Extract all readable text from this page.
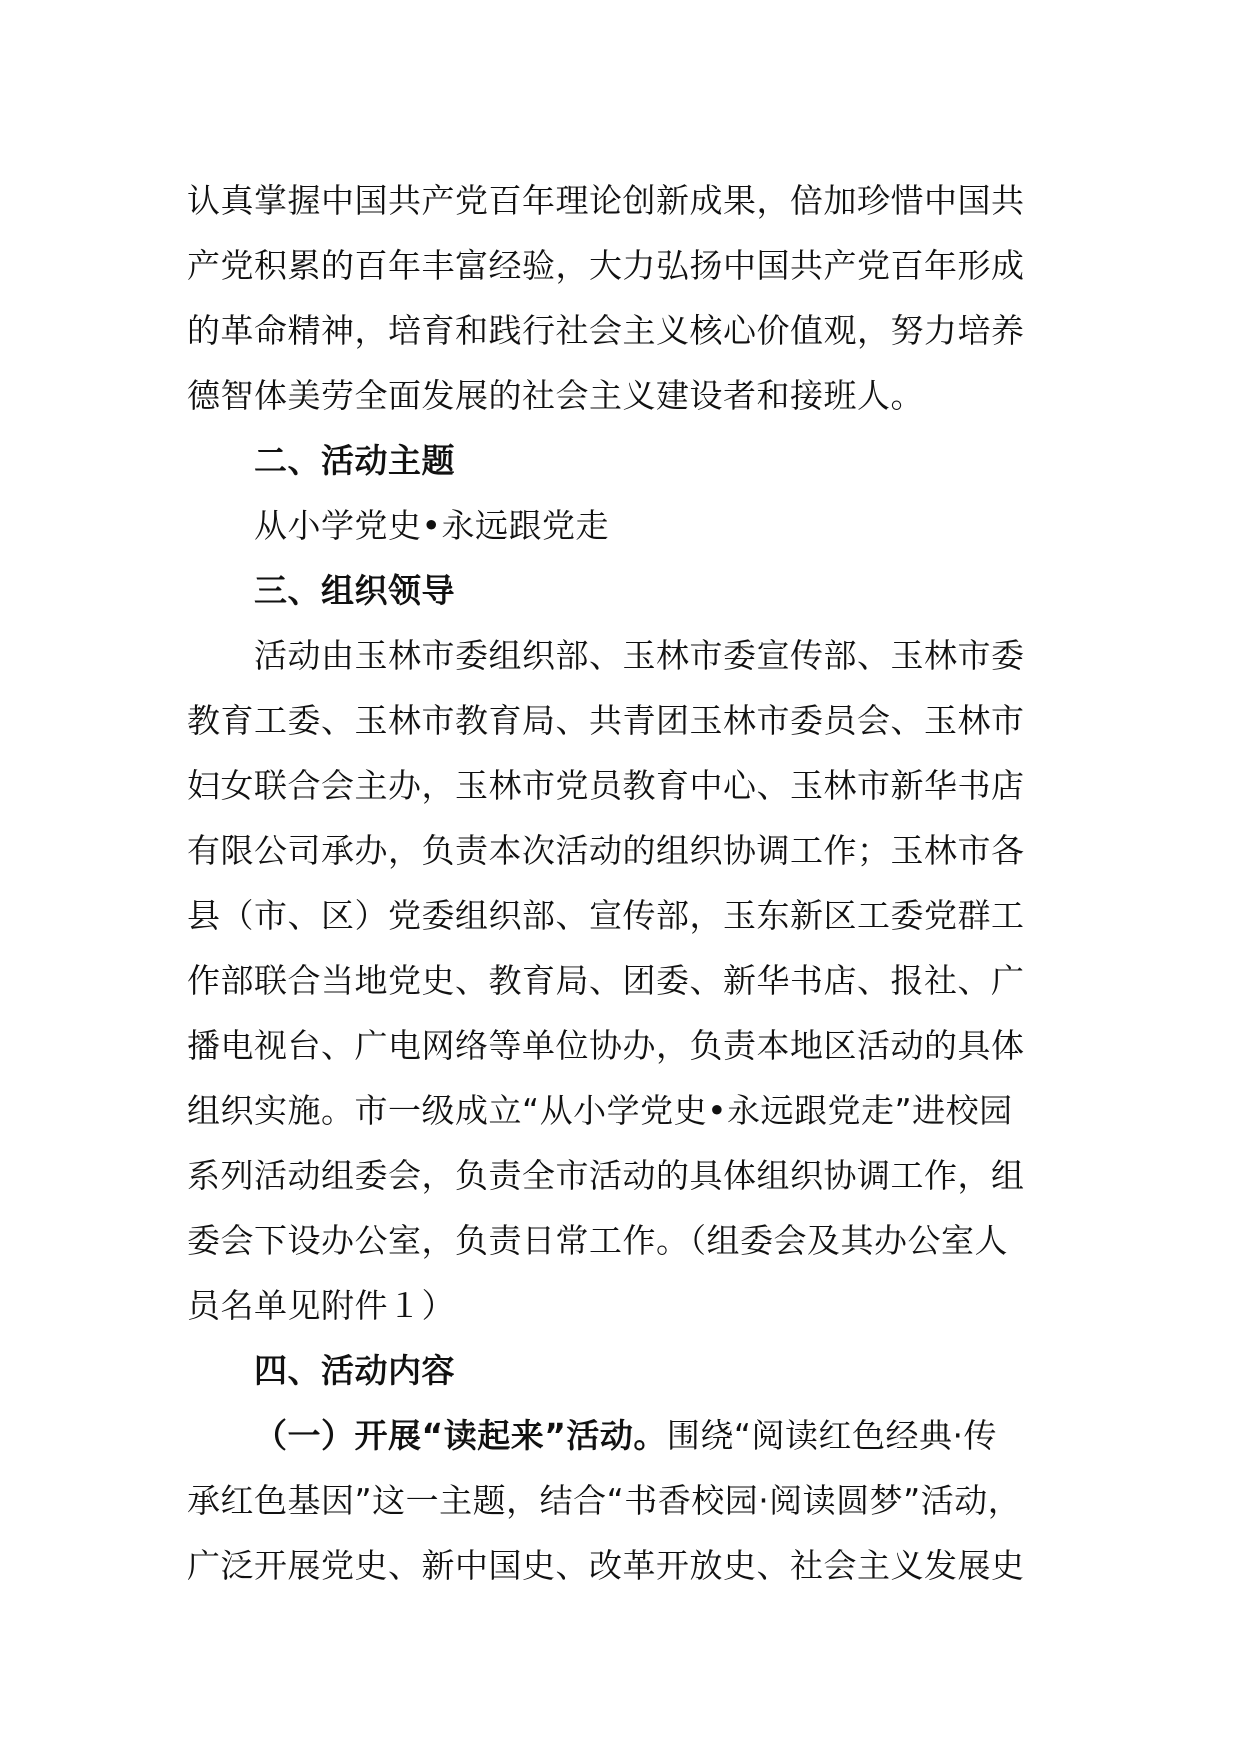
认真掌握中国共产党百年理论创新成果，倍加珍惜中国共
产党积累的百年丰富经验，大力弘扬中国共产党百年形成
的革命精神，培育和践行社会主义核心价值观，努力培养
德智体美劳全面发展的社会主义建设者和接班人。
二、活动主题
从小学党史•永远跟党走
三、组织领导
活动由玉林市委组织部、玉林市委宣传部、玉林市委
教育工委、玉林市教育局、共青团玉林市委员会、玉林市
妇女联合会主办，玉林市党员教育中心、玉林市新华书店
有限公司承办，负责本次活动的组织协调工作；玉林市各
县（市、区）党委组织部、宣传部，玉东新区工委党群工
作部联合当地党史、教育局、团委、新华书店、报社、广
播电视台、广电网络等单位协办，负责本地区活动的具体
组织实施。市一级成立“从小学党史•永远跟党走”进校园
系列活动组委会，负责全市活动的具体组织协调工作，组
委会下设办公室，负责日常工作。（组委会及其办公室人
员名单见附件１）
四、活动内容
（一）开展“读起来”活动。围绕“阅读红色经典·传
承红色基因”这一主题，结合“书香校园·阅读圆梦”活动，
广泛开展党史、新中国史、改革开放史、社会主义发展史
